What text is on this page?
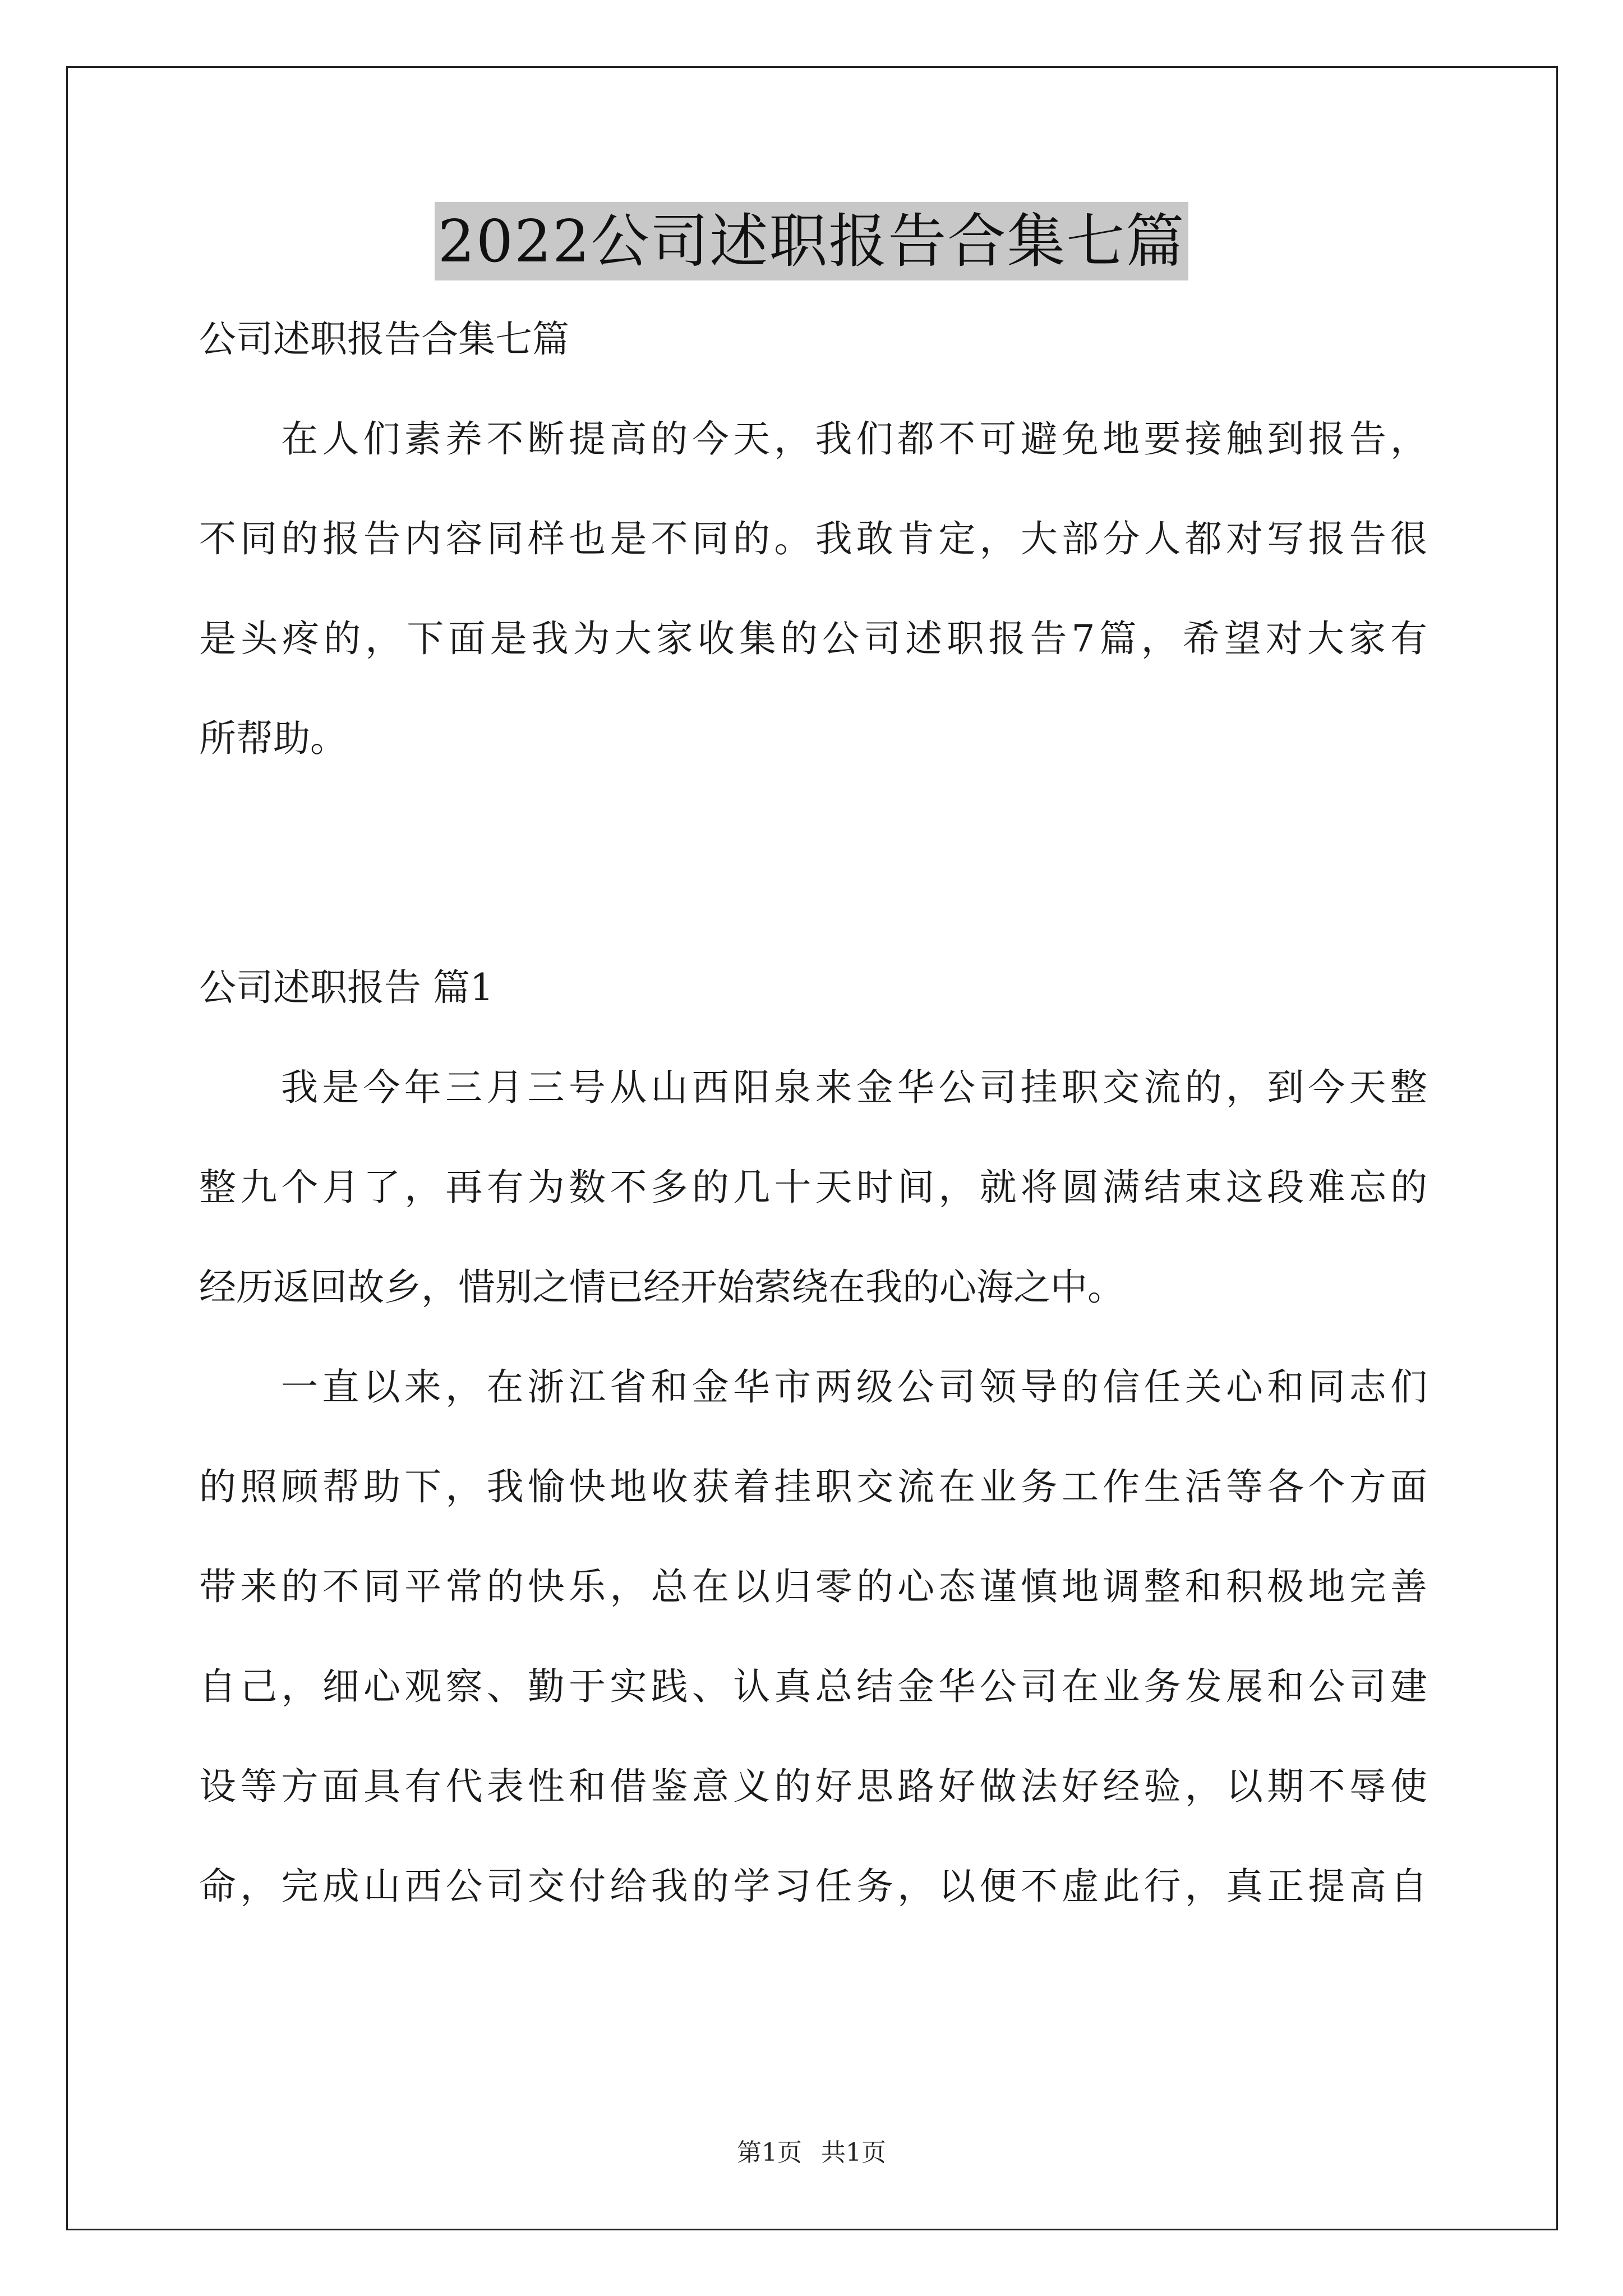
2022公司述职报告合集七篇
公司述职报告合集七篇
在人们素养不断提高的今天，我们都不可避免地要接触到报告，
不同的报告内容同样也是不同的。我敢肯定，大部分人都对写报告很
是头疼的，下面是我为大家收集的公司述职报告7篇，希望对大家有
所帮助。
公司述职报告 篇1
我是今年三月三号从山西阳泉来金华公司挂职交流的，到今天整
整九个月了，再有为数不多的几十天时间，就将圆满结束这段难忘的
经历返回故乡，惜别之情已经开始萦绕在我的心海之中。
一直以来，在浙江省和金华市两级公司领导的信任关心和同志们
的照顾帮助下，我愉快地收获着挂职交流在业务工作生活等各个方面
带来的不同平常的快乐，总在以归零的心态谨慎地调整和积极地完善
自己，细心观察、勤于实践、认真总结金华公司在业务发展和公司建
设等方面具有代表性和借鉴意义的好思路好做法好经验，以期不辱使
命，完成山西公司交付给我的学习任务，以便不虚此行，真正提高自
第1页 共1页
